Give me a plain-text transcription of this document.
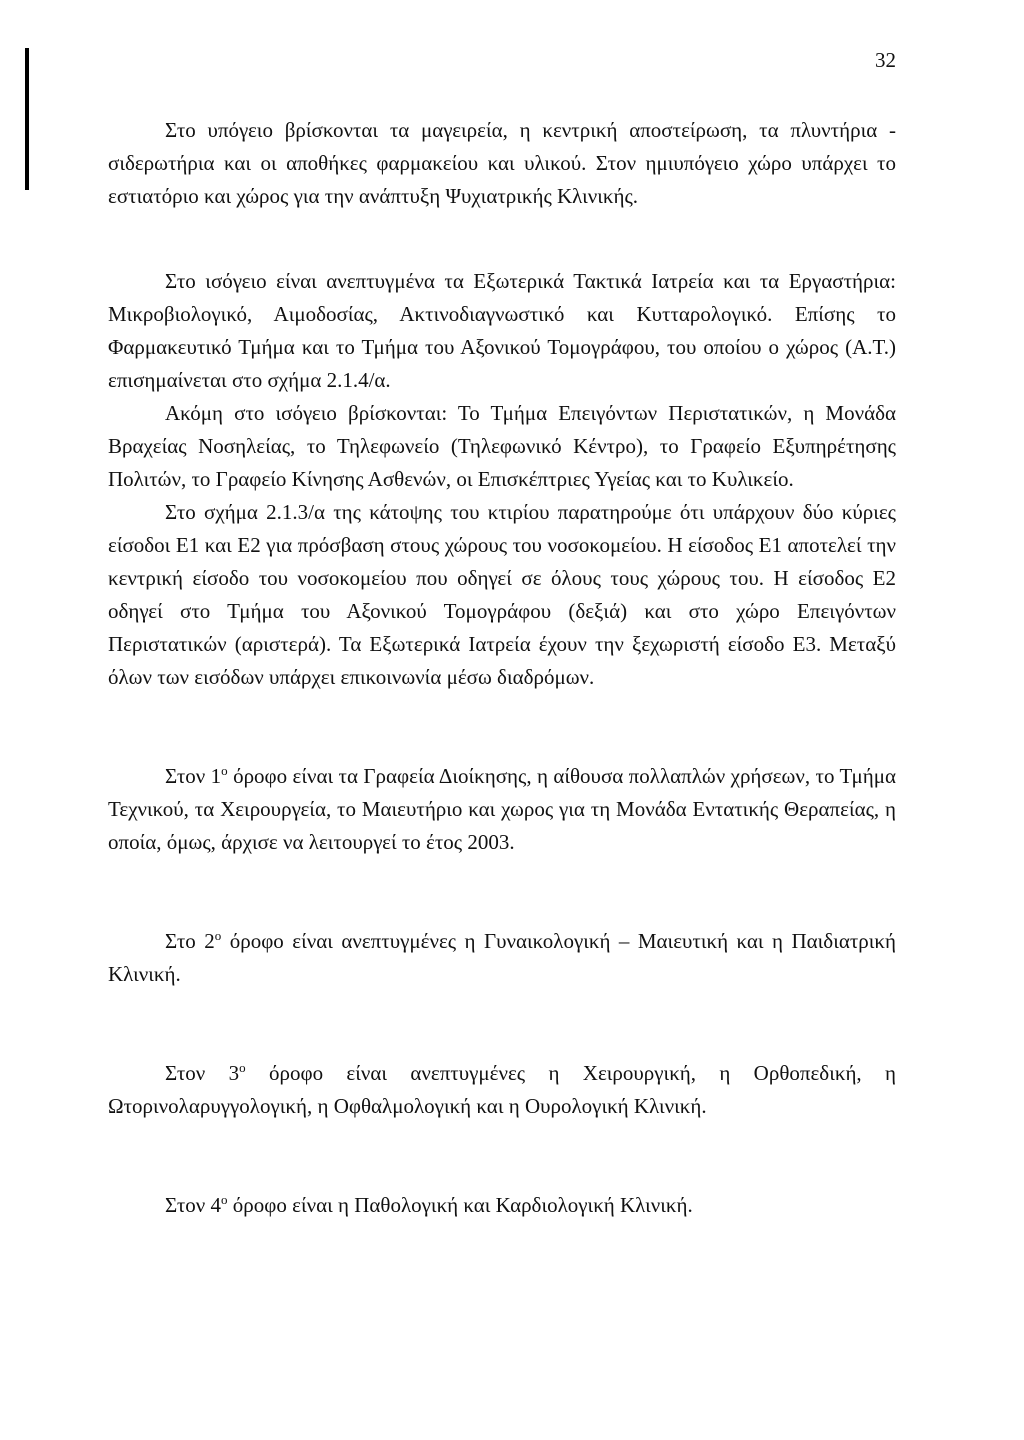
32

Στο υπόγειο βρίσκονται τα μαγειρεία, η κεντρική αποστείρωση, τα πλυντήρια - σιδερωτήρια και οι αποθήκες φαρμακείου και υλικού. Στον ημιυπόγειο χώρο υπάρχει το εστιατόριο και χώρος για την ανάπτυξη Ψυχιατρικής Κλινικής.

Στο ισόγειο είναι ανεπτυγμένα τα Εξωτερικά Τακτικά Ιατρεία και τα Εργαστήρια: Μικροβιολογικό, Αιμοδοσίας, Ακτινοδιαγνωστικό και Κυτταρολογικό. Επίσης το Φαρμακευτικό Τμήμα και το Τμήμα του Αξονικού Τομογράφου, του οποίου ο χώρος (Α.Τ.) επισημαίνεται στο σχήμα 2.1.4/α.

Ακόμη στο ισόγειο βρίσκονται: Το Τμήμα Επειγόντων Περιστατικών, η Μονάδα Βραχείας Νοσηλείας, το Τηλεφωνείο (Τηλεφωνικό Κέντρο), το Γραφείο Εξυπηρέτησης Πολιτών, το Γραφείο Κίνησης Ασθενών, οι Επισκέπτριες Υγείας και το Κυλικείο.

Στο σχήμα 2.1.3/α της κάτοψης του κτιρίου παρατηρούμε ότι υπάρχουν δύο κύριες είσοδοι Ε1 και Ε2 για πρόσβαση στους χώρους του νοσοκομείου. Η είσοδος Ε1 αποτελεί την κεντρική είσοδο του νοσοκομείου που οδηγεί σε όλους τους χώρους του. Η είσοδος Ε2 οδηγεί στο Τμήμα του Αξονικού Τομογράφου (δεξιά) και στο χώρο Επειγόντων Περιστατικών (αριστερά). Τα Εξωτερικά Ιατρεία έχουν την ξεχωριστή είσοδο Ε3. Μεταξύ όλων των εισόδων υπάρχει επικοινωνία μέσω διαδρόμων.

Στον $1^o$ όροφο είναι τα Γραφεία Διοίκησης, η αίθουσα πολλαπλών χρήσεων, το Τμήμα Τεχνικού, τα Χειρουργεία, το Μαιευτήριο και χωρος για τη Μονάδα Εντατικής Θεραπείας, η οποία, όμως, άρχισε να λειτουργεί το έτος 2003.

Στο $2^o$ όροφο είναι ανεπτυγμένες η Γυναικολογική – Μαιευτική και η Παιδιατρική Κλινική.

Στον $3^o$ όροφο είναι ανεπτυγμένες η Χειρουργική, η Ορθοπεδική, η Ωτορινολαρυγγολογική, η Οφθαλμολογική και η Ουρολογική Κλινική.

Στον $4^o$ όροφο είναι η Παθολογική και Καρδιολογική Κλινική.
